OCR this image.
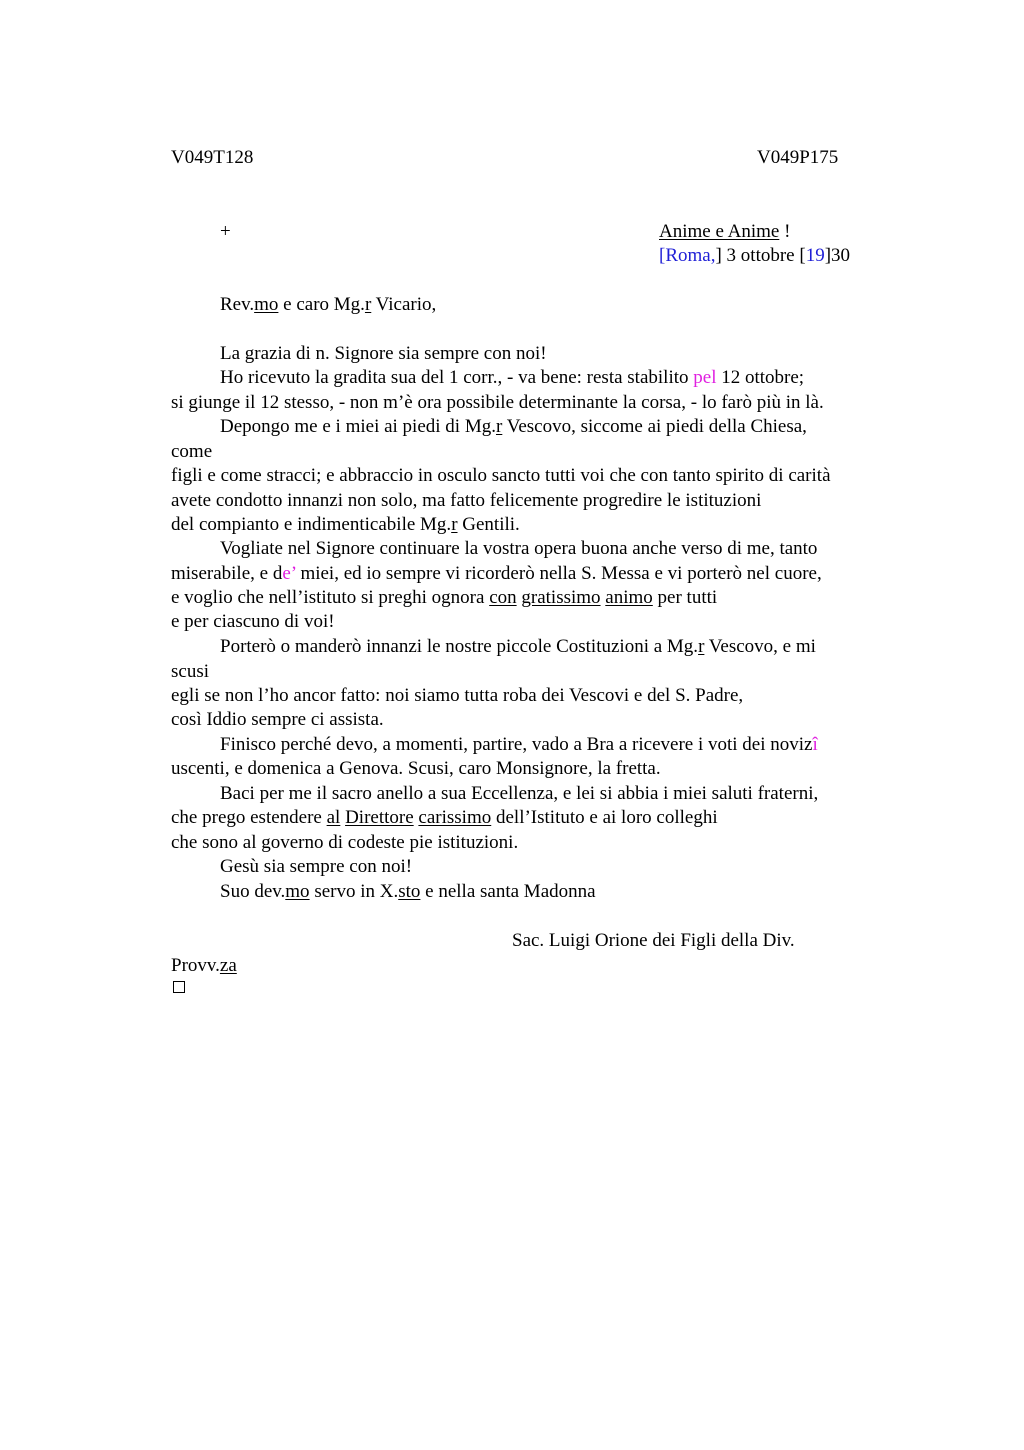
V049T128	V049P175
+	Anime e Anime !
[Roma,] 3 ottobre [19]30
Rev.mo e caro Mg.r Vicario,
La grazia di n. Signore sia sempre con noi!
Ho ricevuto la gradita sua del 1 corr., - va bene: resta stabilito pel 12 ottobre;
si giunge il 12 stesso, - non m’è ora possibile determinante la corsa, - lo farò più in là.
Depongo me e i miei ai piedi di Mg.r Vescovo, siccome ai piedi della Chiesa,
come
figli e come stracci; e abbraccio in osculo sancto tutti voi che con tanto spirito di carità
avete condotto innanzi non solo, ma fatto felicemente progredire le istituzioni
del compianto e indimenticabile Mg.r Gentili.
Vogliate nel Signore continuare la vostra opera buona anche verso di me, tanto
miserabile, e de’ miei, ed io sempre vi ricorderò nella S. Messa e vi porterò nel cuore,
e voglio che nell’istituto si preghi ognora con gratissimo animo per tutti
e per ciascuno di voi!
Porterò o manderò innanzi le nostre piccole Costituzioni a Mg.r Vescovo, e mi
scusi
egli se non l’ho ancor fatto: noi siamo tutta roba dei Vescovi e del S. Padre,
così Iddio sempre ci assista.
Finisco perché devo, a momenti, partire, vado a Bra a ricevere i voti dei novizî
uscenti, e domenica a Genova. Scusi, caro Monsignore, la fretta.
Baci per me il sacro anello a sua Eccellenza, e lei si abbia i miei saluti fraterni,
che prego estendere al Direttore carissimo dell’Istituto e ai loro colleghi
che sono al governo di codeste pie istituzioni.
Gesù sia sempre con noi!
Suo dev.mo servo in X.sto e nella santa Madonna
Sac. Luigi Orione dei Figli della Div.
Provv.za
